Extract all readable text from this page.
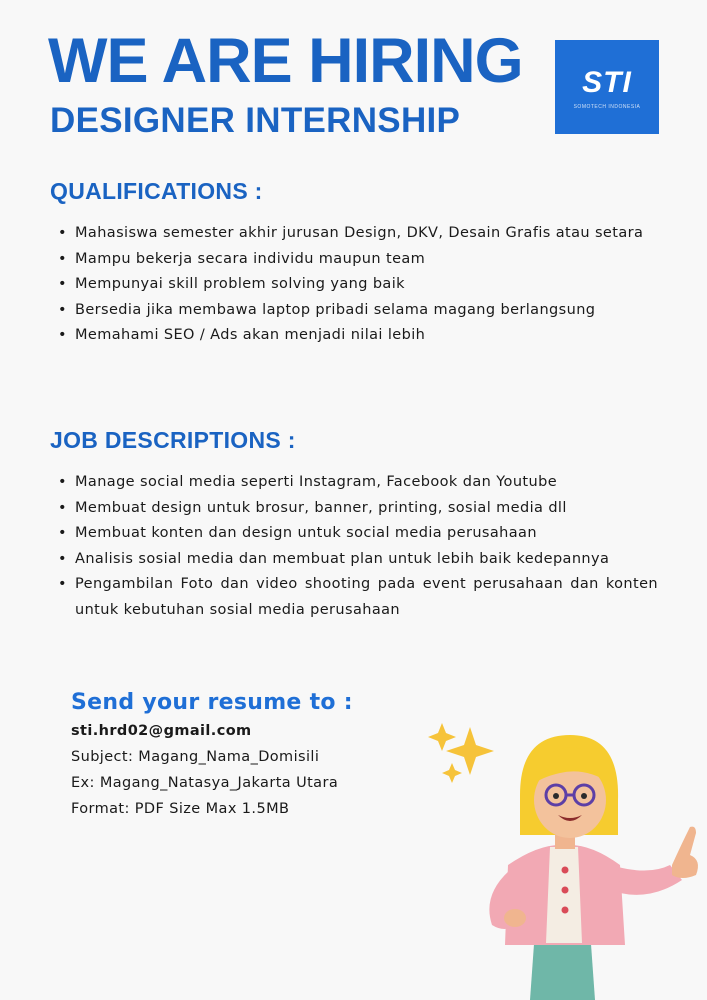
WE ARE HIRING
DESIGNER INTERNSHIP
STI
SOMOTECH INDONESIA
QUALIFICATIONS :
• Mahasiswa semester akhir jurusan Design, DKV, Desain Grafis atau setara
• Mampu bekerja secara individu maupun team
• Mempunyai skill problem solving yang baik
• Bersedia jika membawa laptop pribadi selama magang berlangsung
• Memahami SEO / Ads akan menjadi nilai lebih
JOB DESCRIPTIONS :
• Manage social media seperti Instagram, Facebook dan Youtube
• Membuat design untuk brosur, banner, printing, sosial media dll
• Membuat konten dan design untuk social media perusahaan
• Analisis sosial media dan membuat plan untuk lebih baik kedepannya
• Pengambilan Foto dan video shooting pada event perusahaan dan konten untuk kebutuhan sosial media perusahaan
Send your resume to :
sti.hrd02@gmail.com
Subject: Magang_Nama_Domisili
Ex: Magang_Natasya_Jakarta Utara
Format: PDF Size Max 1.5MB
